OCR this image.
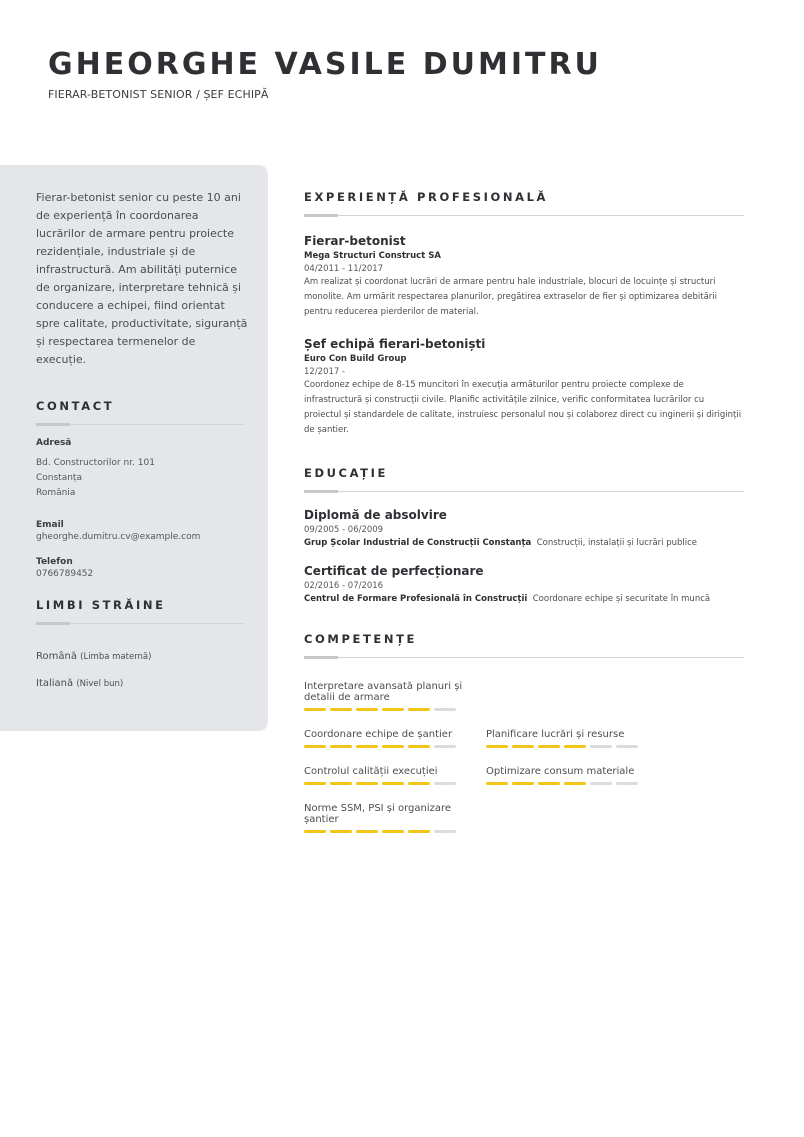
GHEORGHE VASILE DUMITRU
FIERAR-BETONIST SENIOR / ȘEF ECHIPĂ
Fierar-betonist senior cu peste 10 ani de experiență în coordonarea lucrărilor de armare pentru proiecte rezidențiale, industriale și de infrastructură. Am abilități puternice de organizare, interpretare tehnică și conducere a echipei, fiind orientat spre calitate, productivitate, siguranță și respectarea termenelor de execuție.
CONTACT
Adresă
Bd. Constructorilor nr. 101
Constanța
România
Email
gheorghe.dumitru.cv@example.com
Telefon
0766789452
LIMBI STRĂINE
Română (Limba maternă)
Italiană (Nivel bun)
EXPERIENȚĂ PROFESIONALĂ
Fierar-betonist
Mega Structuri Construct SA
04/2011 - 11/2017
Am realizat și coordonat lucrări de armare pentru hale industriale, blocuri de locuințe și structuri monolite. Am urmărit respectarea planurilor, pregătirea extraselor de fier și optimizarea debitării pentru reducerea pierderilor de material.
Șef echipă fierari-betoniști
Euro Con Build Group
12/2017 -
Coordonez echipe de 8-15 muncitori în execuția armăturilor pentru proiecte complexe de infrastructură și construcții civile. Planific activitățile zilnice, verific conformitatea lucrărilor cu proiectul și standardele de calitate, instruiesc personalul nou și colaborez direct cu inginerii și diriginții de șantier.
EDUCAȚIE
Diplomă de absolvire
09/2005 - 06/2009
Grup Școlar Industrial de Construcții Constanța Construcții, instalații și lucrări publice
Certificat de perfecționare
02/2016 - 07/2016
Centrul de Formare Profesională în Construcții Coordonare echipe și securitate în muncă
COMPETENȚE
Interpretare avansată planuri și detalii de armare
Coordonare echipe de șantier	Planificare lucrări și resurse
Controlul calității execuției	Optimizare consum materiale
Norme SSM, PSI și organizare șantier
